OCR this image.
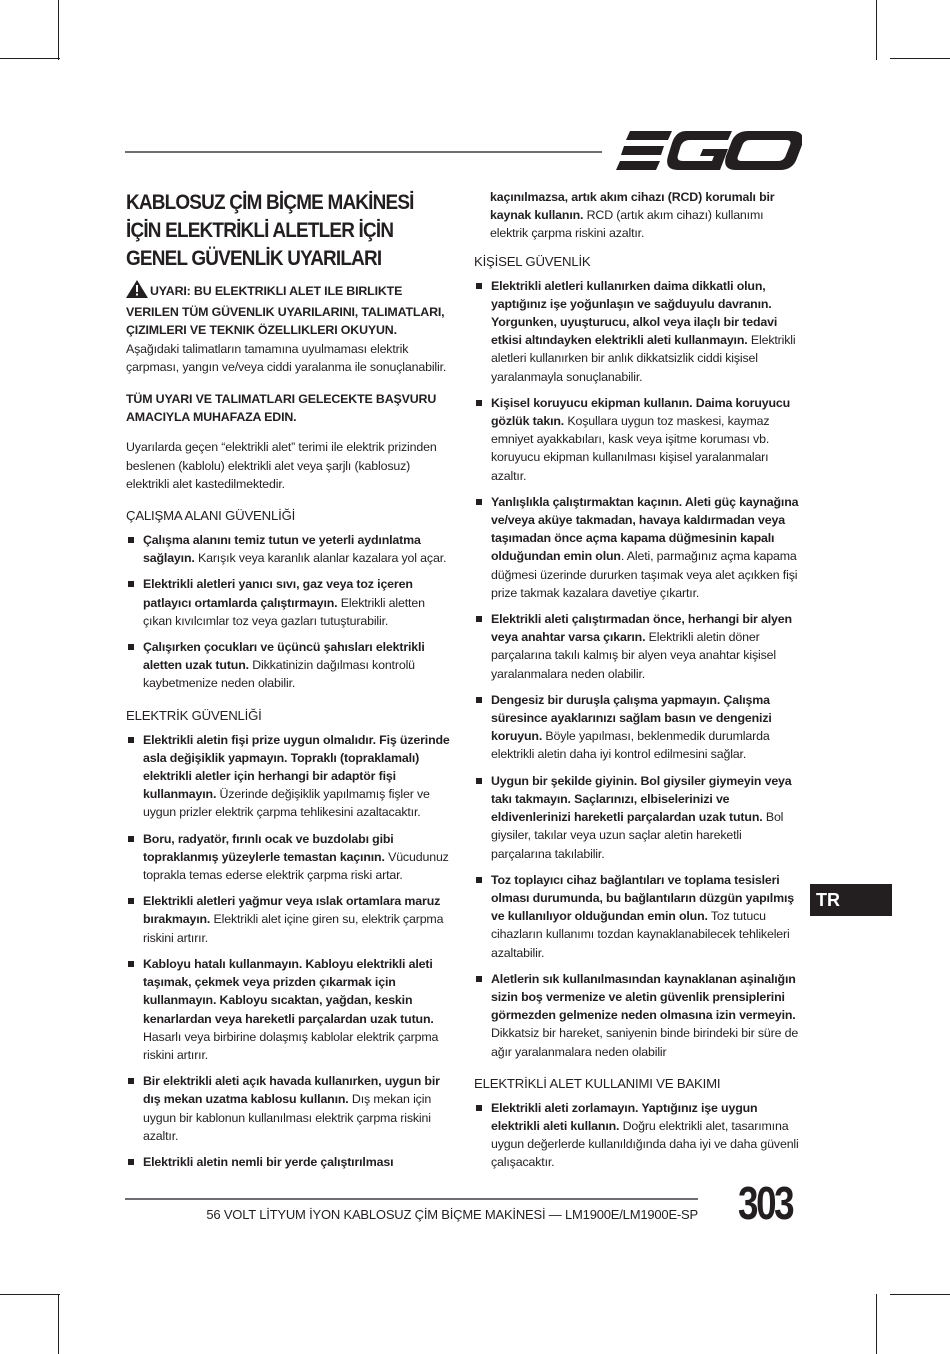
KABLOSUZ ÇİM BİÇME MAKİNESİ İÇİN ELEKTRİKLİ ALETLER İÇİN GENEL GÜVENLİK UYARILARI

UYARI: BU ELEKTRIKLI ALET ILE BIRLIKTE VERILEN TÜM GÜVENLIK UYARILARINI, TALIMATLARI, ÇIZIMLERI VE TEKNIK ÖZELLIKLERI OKUYUN. Aşağıdaki talimatların tamamına uyulmaması elektrik çarpması, yangın ve/veya ciddi yaralanma ile sonuçlanabilir.

TÜM UYARI VE TALIMATLARI GELECEKTE BAŞVURU AMACIYLA MUHAFAZA EDIN.

Uyarılarda geçen “elektrikli alet” terimi ile elektrik prizinden beslenen (kablolu) elektrikli alet veya şarjlı (kablosuz) elektrikli alet kastedilmektedir.

ÇALIŞMA ALANI GÜVENLİĞİ
Çalışma alanını temiz tutun ve yeterli aydınlatma sağlayın. Karışık veya karanlık alanlar kazalara yol açar.
Elektrikli aletleri yanıcı sıvı, gaz veya toz içeren patlayıcı ortamlarda çalıştırmayın. Elektrikli aletten çıkan kıvılcımlar toz veya gazları tutuşturabilir.
Çalışırken çocukları ve üçüncü şahısları elektrikli aletten uzak tutun. Dikkatinizin dağılması kontrolü kaybetmenize neden olabilir.
ELEKTRİK GÜVENLİĞİ
Elektrikli aletin fişi prize uygun olmalıdır. Fiş üzerinde asla değişiklik yapmayın. Topraklı (topraklamalı) elektrikli aletler için herhangi bir adaptör fişi kullanmayın. Üzerinde değişiklik yapılmamış fişler ve uygun prizler elektrik çarpma tehlikesini azaltacaktır.
Boru, radyatör, fırınlı ocak ve buzdolabı gibi topraklanmış yüzeylerle temastan kaçının. Vücudunuz toprakla temas ederse elektrik çarpma riski artar.
Elektrikli aletleri yağmur veya ıslak ortamlara maruz bırakmayın. Elektrikli alet içine giren su, elektrik çarpma riskini artırır.
Kabloyu hatalı kullanmayın. Kabloyu elektrikli aleti taşımak, çekmek veya prizden çıkarmak için kullanmayın. Kabloyu sıcaktan, yağdan, keskin kenarlardan veya hareketli parçalardan uzak tutun. Hasarlı veya birbirine dolaşmış kablolar elektrik çarpma riskini artırır.
Bir elektrikli aleti açık havada kullanırken, uygun bir dış mekan uzatma kablosu kullanın. Dış mekan için uygun bir kablonun kullanılması elektrik çarpma riskini azaltır.
Elektrikli aletin nemli bir yerde çalıştırılması

kaçınılmazsa, artık akım cihazı (RCD) korumalı bir kaynak kullanın. RCD (artık akım cihazı) kullanımı elektrik çarpma riskini azaltır.

KİŞİSEL GÜVENLİK
Elektrikli aletleri kullanırken daima dikkatli olun, yaptığınız işe yoğunlaşın ve sağduyulu davranın. Yorgunken, uyuşturucu, alkol veya ilaçlı bir tedavi etkisi altındayken elektrikli aleti kullanmayın. Elektrikli aletleri kullanırken bir anlık dikkatsizlik ciddi kişisel yaralanmayla sonuçlanabilir.
Kişisel koruyucu ekipman kullanın. Daima koruyucu gözlük takın. Koşullara uygun toz maskesi, kaymaz emniyet ayakkabıları, kask veya işitme koruması vb. koruyucu ekipman kullanılması kişisel yaralanmaları azaltır.
Yanlışlıkla çalıştırmaktan kaçının. Aleti güç kaynağına ve/veya aküye takmadan, havaya kaldırmadan veya taşımadan önce açma kapama düğmesinin kapalı olduğundan emin olun. Aleti, parmağınız açma kapama düğmesi üzerinde dururken taşımak veya alet açıkken fişi prize takmak kazalara davetiye çıkartır.
Elektrikli aleti çalıştırmadan önce, herhangi bir alyen veya anahtar varsa çıkarın. Elektrikli aletin döner parçalarına takılı kalmış bir alyen veya anahtar kişisel yaralanmalara neden olabilir.
Dengesiz bir duruşla çalışma yapmayın. Çalışma süresince ayaklarınızı sağlam basın ve dengenizi koruyun. Böyle yapılması, beklenmedik durumlarda elektrikli aletin daha iyi kontrol edilmesini sağlar.
Uygun bir şekilde giyinin. Bol giysiler giymeyin veya takı takmayın. Saçlarınızı, elbiselerinizi ve eldivenlerinizi hareketli parçalardan uzak tutun. Bol giysiler, takılar veya uzun saçlar aletin hareketli parçalarına takılabilir.
Toz toplayıcı cihaz bağlantıları ve toplama tesisleri olması durumunda, bu bağlantıların düzgün yapılmış ve kullanılıyor olduğundan emin olun. Toz tutucu cihazların kullanımı tozdan kaynaklanabilecek tehlikeleri azaltabilir.
Aletlerin sık kullanılmasından kaynaklanan aşinalığın sizin boş vermenize ve aletin güvenlik prensiplerini görmezden gelmenize neden olmasına izin vermeyin. Dikkatsiz bir hareket, saniyenin binde birindeki bir süre de ağır yaralanmalara neden olabilir
ELEKTRİKLİ ALET KULLANIMI VE BAKIMI
Elektrikli aleti zorlamayın. Yaptığınız işe uygun elektrikli aleti kullanın. Doğru elektrikli alet, tasarımına uygun değerlerde kullanıldığında daha iyi ve daha güvenli çalışacaktır.
TR
56 VOLT LİTYUM İYON KABLOSUZ ÇİM BİÇME MAKİNESİ — LM1900E/LM1900E-SP 303
